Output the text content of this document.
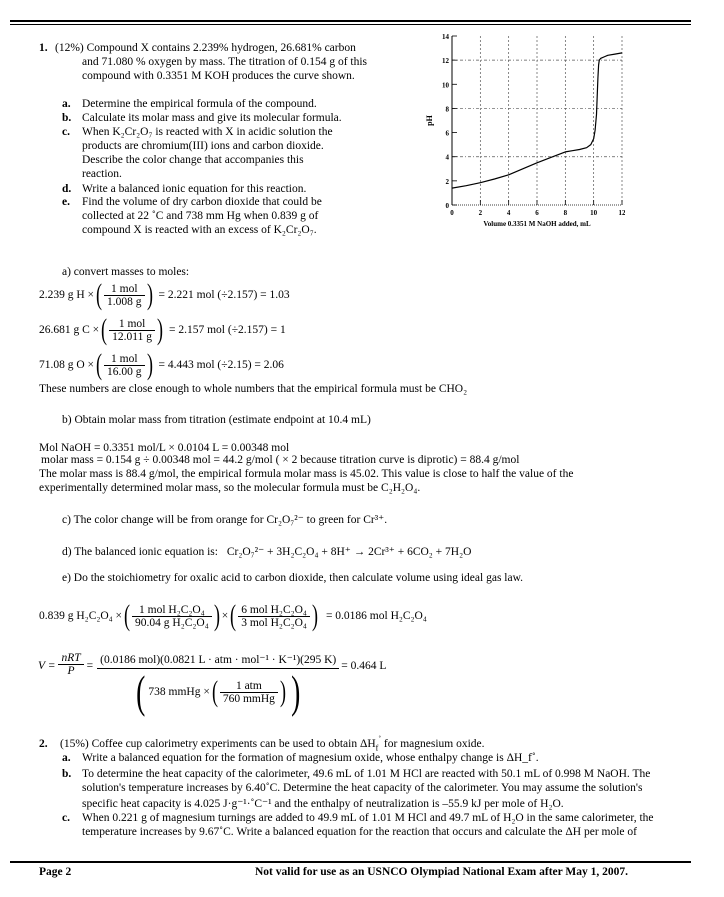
1. (12%) Compound X contains 2.239% hydrogen, 26.681% carbon
and 71.080 % oxygen by mass. The titration of 0.154 g of this
compound with 0.3351 M KOH produces the curve shown.
a. Determine the empirical formula of the compound.
b. Calculate its molar mass and give its molecular formula.
c. When K₂Cr₂O₇ is reacted with X in acidic solution the
products are chromium(III) ions and carbon dioxide.
Describe the color change that accompanies this
reaction.
d. Write a balanced ionic equation for this reaction.
e. Find the volume of dry carbon dioxide that could be
collected at 22 ˚C and 738 mm Hg when 0.839 g of
compound X is reacted with an excess of K₂Cr₂O₇.
0
2
4
6
8
10
12
14
0	2	4	6	8	10	12
Volume 0.3351 M NaOH added, mL
pH
a) convert masses to moles:
2.239 g H × ( $\frac{\text{1 mol}}{1.008 g}$ ) = 2.221 mol (÷2.157) = 1.03
26.681 g C × ( $\frac{\text{1 mol}}{12.011 g}$ ) = 2.157 mol (÷2.157) = 1
71.08 g O × ( $\frac{\text{1 mol}}{16.00 g}$ ) = 4.443 mol (÷2.15) = 2.06
These numbers are close enough to whole numbers that the empirical formula must be CHO₂
b) Obtain molar mass from titration (estimate endpoint at 10.4 mL)
Mol NaOH = 0.3351 mol/L × 0.0104 L = 0.00348 mol
molar mass = 0.154 g ÷ 0.00348 mol = 44.2 g/mol ( × 2 because titration curve is diprotic) = 88.4 g/mol
The molar mass is 88.4 g/mol, the empirical formula molar mass is 45.02. This value is close to half the value of the
experimentally determined molar mass, so the molecular formula must be C₂H₂O₄.
c) The color change will be from orange for Cr₂O₇²⁻ to green for Cr³⁺.
d) The balanced ionic equation is: Cr₂O₇²⁻ + 3H₂C₂O₄ + 8H⁺ → 2Cr³⁺ + 6CO₂ + 7H₂O
e) Do the stoichiometry for oxalic acid to carbon dioxide, then calculate volume using ideal gas law.
0.839 g H₂C₂O₄ × ( $\frac{\text{1 mol H₂C₂O₄}}{\text{90.04 g H₂C₂O₄}}$ ) × ( $\frac{\text{6 mol H₂C₂O₄}}{\text{3 mol H₂C₂O₄}}$ ) = 0.0186 mol H₂C₂O₄
$V = \frac{\text{nRT}}{P} = (0.0186$ mol)(0.0821 L · atm · mol⁻¹ · K⁻¹)(295 K)
( 738 mmHg × ( $\frac{\text{1 atm}}{\text{760 mmHg}}$ ) )	= 0.464 L
2. (15%) Coffee cup calorimetry experiments can be used to obtain $\Delta H_f^˚$ for magnesium oxide.
a. Write a balanced equation for the formation of magnesium oxide, whose enthalpy change is ΔH_f˚.
b. To determine the heat capacity of the calorimeter, 49.6 mL of 1.01 M HCl are reacted with 50.1 mL of 0.998 M NaOH. The
solution's temperature increases by 6.40˚C. Determine the heat capacity of the calorimeter. You may assume the solution's
specific heat capacity is 4.025 J·g⁻¹·˚C⁻¹ and the enthalpy of neutralization is –55.9 kJ per mole of H₂O.
c. When 0.221 g of magnesium turnings are added to 49.9 mL of 1.01 M HCl and 49.7 mL of H₂O in the same calorimeter, the
temperature increases by 9.67˚C. Write a balanced equation for the reaction that occurs and calculate the ΔH per mole of
Page 2	Not valid for use as an USNCO Olympiad National Exam after May 1, 2007.
